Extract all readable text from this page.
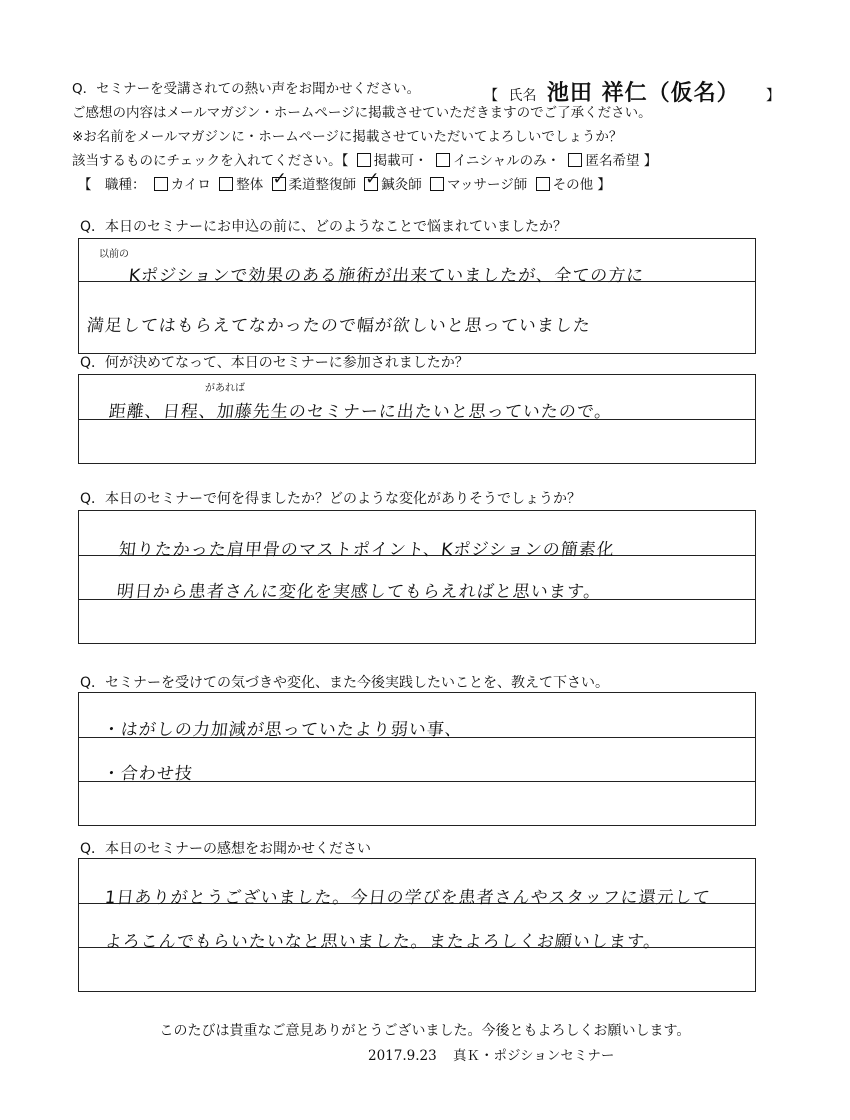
Q．セミナーを受講されての熱い声をお聞かせください。	【 氏名 池田 祥仁（仮名） 】
ご感想の内容はメールマガジン・ホームページに掲載させていただきますのでご了承ください。
※お名前をメールマガジンに・ホームページに掲載させていただいてよろしいでしょうか？
該当するものにチェックを入れてください。【 掲載可・ イニシャルのみ・ 匿名希望 】
【　職種： カイロ 整体 ✓ 柔道整復師 ✓ 鍼灸師 マッサージ師 その他 】
Q．本日のセミナーにお申込の前に、どのようなことで悩まれていましたか？
以前の
Kポジションで効果のある施術が出来ていましたが、全ての方に
満足してはもらえてなかったので幅が欲しいと思っていました
Q．何が決めてなって、本日のセミナーに参加されましたか？
があれば
距離、日程、加藤先生のセミナーに出たいと思っていたので。
Q．本日のセミナーで何を得ましたか？どのような変化がありそうでしょうか？
知りたかった肩甲骨のマストポイント、Kポジションの簡素化
明日から患者さんに変化を実感してもらえればと思います。
Q．セミナーを受けての気づきや変化、また今後実践したいことを、教えて下さい。
・はがしの力加減が思っていたより弱い事、
・合わせ技
Q．本日のセミナーの感想をお聞かせください
1日ありがとうございました。今日の学びを患者さんやスタッフに還元して
よろこんでもらいたいなと思いました。またよろしくお願いします。
このたびは貴重なご意見ありがとうございました。今後ともよろしくお願いします。
2017.9.23 真Ｋ・ポジションセミナー
